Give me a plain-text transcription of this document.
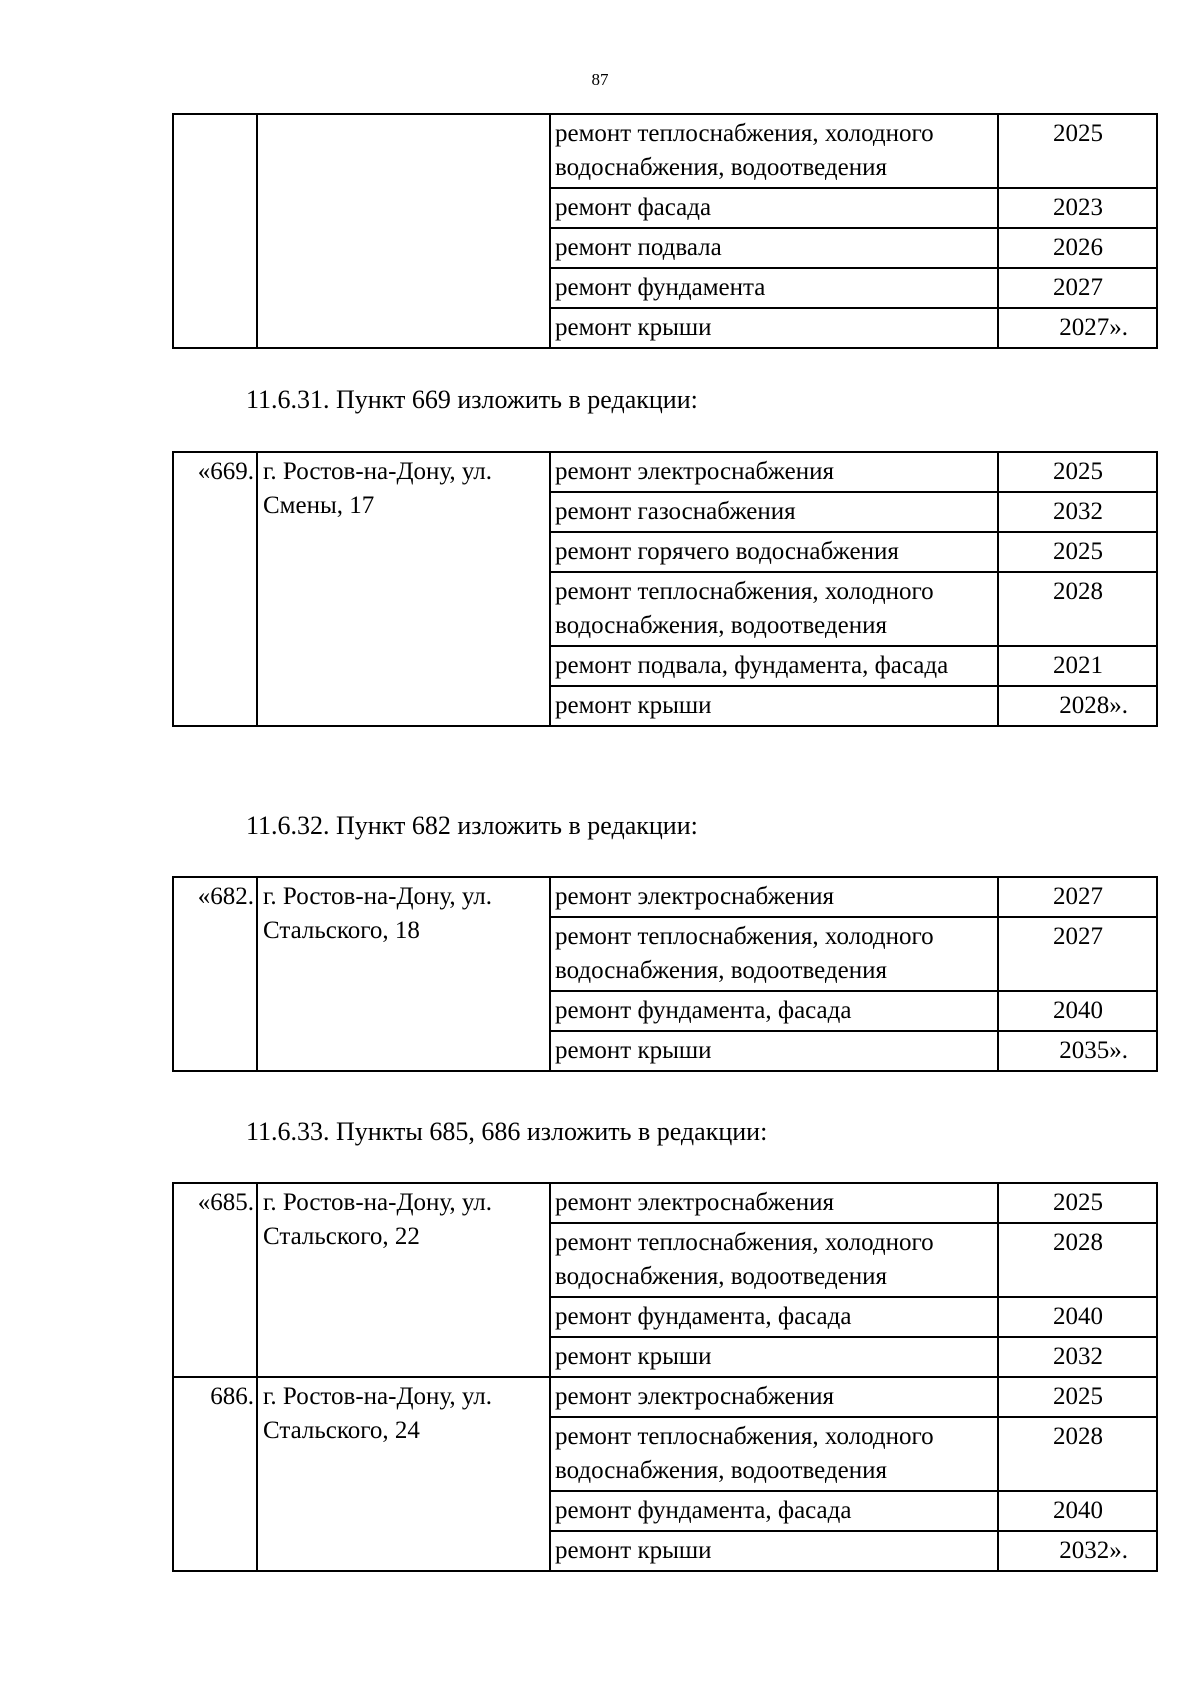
87
		ремонт теплоснабжения, холодного водоснабжения, водоотведения	2025
		ремонт фасада	2023
		ремонт подвала	2026
		ремонт фундамента	2027
		ремонт крыши	2027».
11.6.31. Пункт 669 изложить в редакции:
«669.	г. Ростов-на-Дону, ул. Смены, 17	ремонт электроснабжения	2025
		ремонт газоснабжения	2032
		ремонт горячего водоснабжения	2025
		ремонт теплоснабжения, холодного водоснабжения, водоотведения	2028
		ремонт подвала, фундамента, фасада	2021
		ремонт крыши	2028».
11.6.32. Пункт 682 изложить в редакции:
«682.	г. Ростов-на-Дону, ул. Стальского, 18	ремонт электроснабжения	2027
		ремонт теплоснабжения, холодного водоснабжения, водоотведения	2027
		ремонт фундамента, фасада	2040
		ремонт крыши	2035».
11.6.33. Пункты 685, 686 изложить в редакции:
«685.	г. Ростов-на-Дону, ул. Стальского, 22	ремонт электроснабжения	2025
		ремонт теплоснабжения, холодного водоснабжения, водоотведения	2028
		ремонт фундамента, фасада	2040
		ремонт крыши	2032
686.	г. Ростов-на-Дону, ул. Стальского, 24	ремонт электроснабжения	2025
		ремонт теплоснабжения, холодного водоснабжения, водоотведения	2028
		ремонт фундамента, фасада	2040
		ремонт крыши	2032».
